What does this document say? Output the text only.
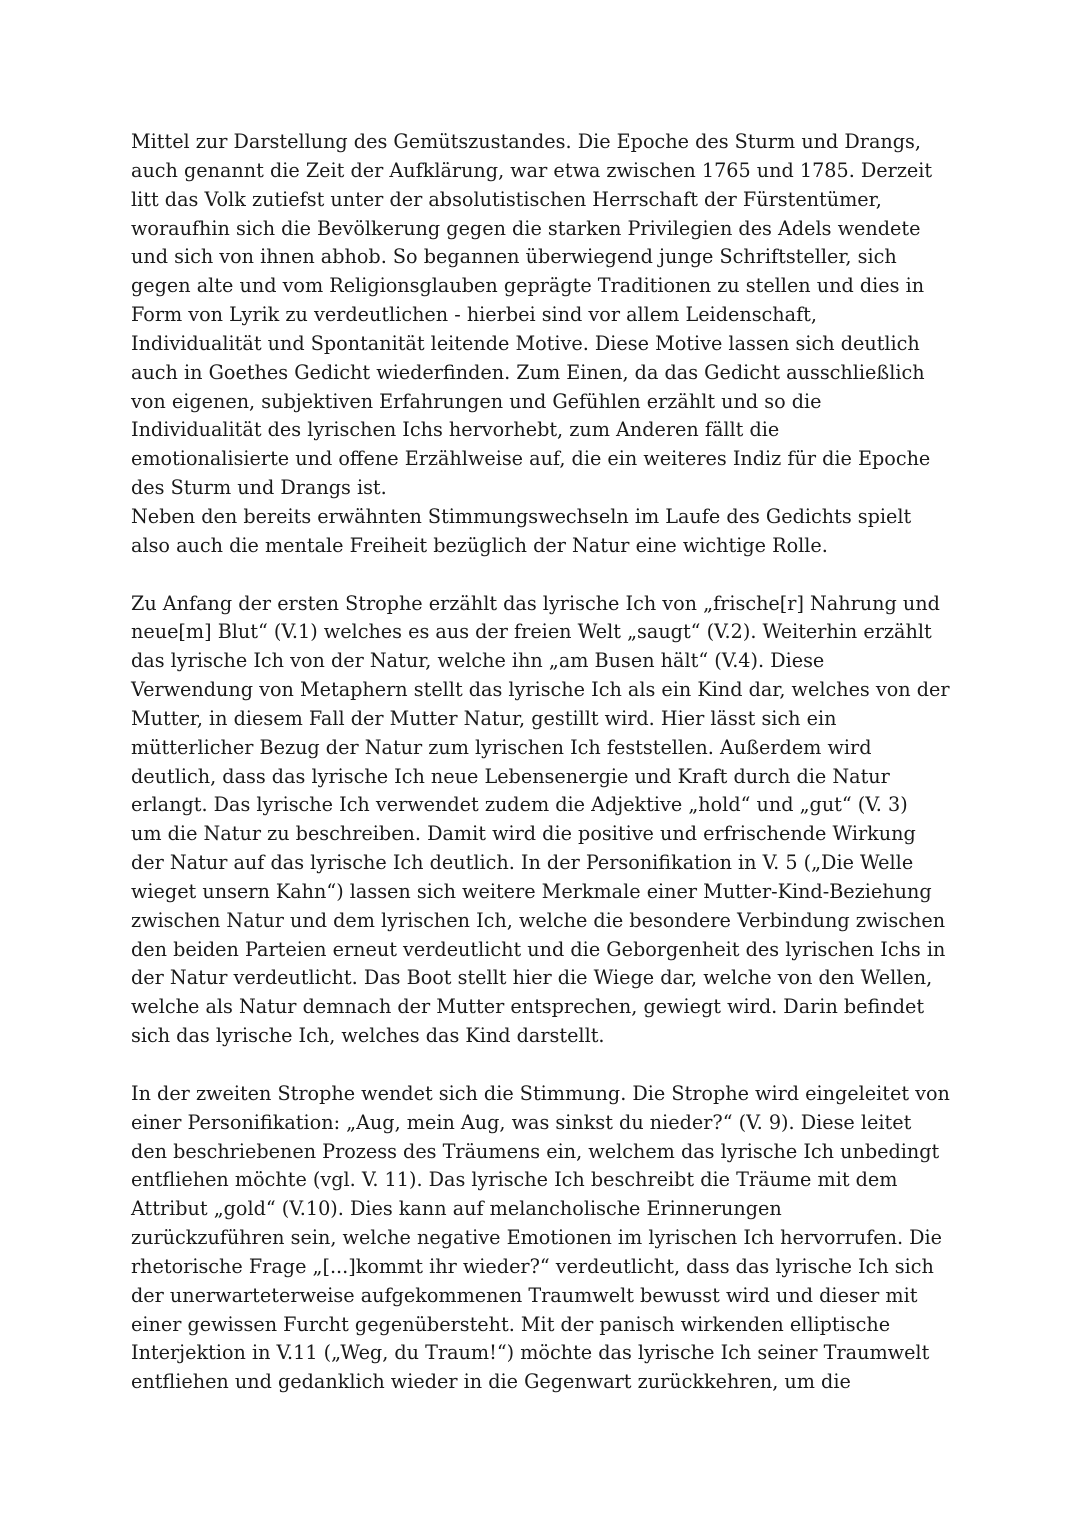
Mittel zur Darstellung des Gemütszustandes. Die Epoche des Sturm und Drangs,
auch genannt die Zeit der Aufklärung, war etwa zwischen 1765 und 1785. Derzeit
litt das Volk zutiefst unter der absolutistischen Herrschaft der Fürstentümer,
woraufhin sich die Bevölkerung gegen die starken Privilegien des Adels wendete
und sich von ihnen abhob. So begannen überwiegend junge Schriftsteller, sich
gegen alte und vom Religionsglauben geprägte Traditionen zu stellen und dies in
Form von Lyrik zu verdeutlichen - hierbei sind vor allem Leidenschaft,
Individualität und Spontanität leitende Motive. Diese Motive lassen sich deutlich
auch in Goethes Gedicht wiederfinden. Zum Einen, da das Gedicht ausschließlich
von eigenen, subjektiven Erfahrungen und Gefühlen erzählt und so die
Individualität des lyrischen Ichs hervorhebt, zum Anderen fällt die
emotionalisierte und offene Erzählweise auf, die ein weiteres Indiz für die Epoche
des Sturm und Drangs ist.
Neben den bereits erwähnten Stimmungswechseln im Laufe des Gedichts spielt
also auch die mentale Freiheit bezüglich der Natur eine wichtige Rolle.
Zu Anfang der ersten Strophe erzählt das lyrische Ich von „frische[r] Nahrung und
neue[m] Blut“ (V.1) welches es aus der freien Welt „saugt“ (V.2). Weiterhin erzählt
das lyrische Ich von der Natur, welche ihn „am Busen hält“ (V.4). Diese
Verwendung von Metaphern stellt das lyrische Ich als ein Kind dar, welches von der
Mutter, in diesem Fall der Mutter Natur, gestillt wird. Hier lässt sich ein
mütterlicher Bezug der Natur zum lyrischen Ich feststellen. Außerdem wird
deutlich, dass das lyrische Ich neue Lebensenergie und Kraft durch die Natur
erlangt. Das lyrische Ich verwendet zudem die Adjektive „hold“ und „gut“ (V. 3)
um die Natur zu beschreiben. Damit wird die positive und erfrischende Wirkung
der Natur auf das lyrische Ich deutlich. In der Personifikation in V. 5 („Die Welle
wieget unsern Kahn“) lassen sich weitere Merkmale einer Mutter-Kind-Beziehung
zwischen Natur und dem lyrischen Ich, welche die besondere Verbindung zwischen
den beiden Parteien erneut verdeutlicht und die Geborgenheit des lyrischen Ichs in
der Natur verdeutlicht. Das Boot stellt hier die Wiege dar, welche von den Wellen,
welche als Natur demnach der Mutter entsprechen, gewiegt wird. Darin befindet
sich das lyrische Ich, welches das Kind darstellt.
In der zweiten Strophe wendet sich die Stimmung. Die Strophe wird eingeleitet von
einer Personifikation: „Aug, mein Aug, was sinkst du nieder?“ (V. 9). Diese leitet
den beschriebenen Prozess des Träumens ein, welchem das lyrische Ich unbedingt
entfliehen möchte (vgl. V. 11). Das lyrische Ich beschreibt die Träume mit dem
Attribut „gold“ (V.10). Dies kann auf melancholische Erinnerungen
zurückzuführen sein, welche negative Emotionen im lyrischen Ich hervorrufen. Die
rhetorische Frage „[...]kommt ihr wieder?“ verdeutlicht, dass das lyrische Ich sich
der unerwarteterweise aufgekommenen Traumwelt bewusst wird und dieser mit
einer gewissen Furcht gegenübersteht. Mit der panisch wirkenden elliptische
Interjektion in V.11 („Weg, du Traum!“) möchte das lyrische Ich seiner Traumwelt
entfliehen und gedanklich wieder in die Gegenwart zurückkehren, um die
